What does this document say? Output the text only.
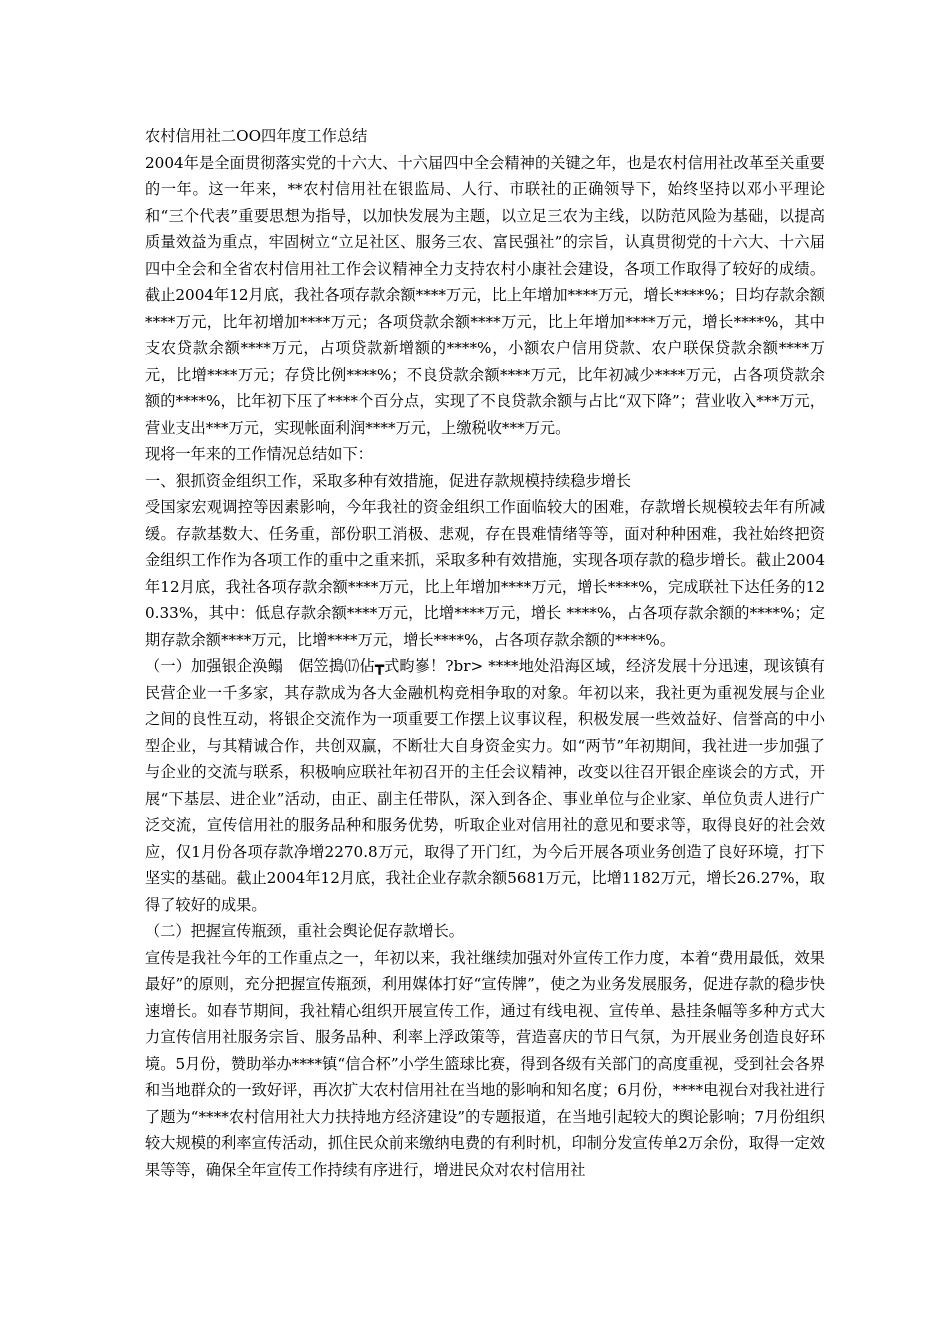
农村信用社二OO四年度工作总结

2004年是全面贯彻落实党的十六大、十六届四中全会精神的关键之年，也是农村信用社改革至关重要的一年。这一年来，**农村信用社在银监局、人行、市联社的正确领导下，始终坚持以邓小平理论和“三个代表”重要思想为指导，以加快发展为主题，以立足三农为主线，以防范风险为基础，以提高质量效益为重点，牢固树立“立足社区、服务三农、富民强社”的宗旨，认真贯彻党的十六大、十六届四中全会和全省农村信用社工作会议精神全力支持农村小康社会建设，各项工作取得了较好的成绩。截止2004年12月底，我社各项存款余额****万元，比上年增加****万元，增长****%；日均存款余额****万元，比年初增加****万元；各项贷款余额****万元，比上年增加****万元，增长****%，其中支农贷款余额****万元，占项贷款新增额的****%，小额农户信用贷款、农户联保贷款余额****万元，比增****万元；存贷比例****%；不良贷款余额****万元，比年初减少****万元，占各项贷款余额的****%，比年初下压了****个百分点，实现了不良贷款余额与占比“双下降”；营业收入***万元，营业支出***万元，实现帐面利润****万元，上缴税收***万元。

现将一年来的工作情况总结如下：

一、狠抓资金组织工作，采取多种有效措施，促进存款规模持续稳步增长

受国家宏观调控等因素影响，今年我社的资金组织工作面临较大的困难，存款增长规模较去年有所减缓。存款基数大、任务重，部份职工消极、悲观，存在畏难情绪等等，面对种种困难，我社始终把资金组织工作作为各项工作的重中之重来抓，采取多种有效措施，实现各项存款的稳步增长。截止2004年12月底，我社各项存款余额****万元，比上年增加****万元，增长****%，完成联社下达任务的120.33%，其中：低息存款余额****万元，比增****万元，增长 ****%，占各项存款余额的****%；定期存款余额****万元，比增****万元，增长****%，占各项存款余额的****%。

（一）加强银企涣鳎　倨笠搗⒄佔┳式畇嵾！?br> ****地处沿海区域，经济发展十分迅速，现该镇有民营企业一千多家，其存款成为各大金融机构竞相争取的对象。年初以来，我社更为重视发展与企业之间的良性互动，将银企交流作为一项重要工作摆上议事议程，积极发展一些效益好、信誉高的中小型企业，与其精诚合作，共创双赢，不断壮大自身资金实力。如“两节”年初期间，我社进一步加强了与企业的交流与联系，积极响应联社年初召开的主任会议精神，改变以往召开银企座谈会的方式，开展“下基层、进企业”活动，由正、副主任带队，深入到各企、事业单位与企业家、单位负责人进行广泛交流，宣传信用社的服务品种和服务优势，听取企业对信用社的意见和要求等，取得良好的社会效应，仅1月份各项存款净增2270.8万元，取得了开门红，为今后开展各项业务创造了良好环境，打下坚实的基础。截止2004年12月底，我社企业存款余额5681万元，比增1182万元，增长26.27%，取得了较好的成果。

（二）把握宣传瓶颈，重社会舆论促存款增长。

宣传是我社今年的工作重点之一，年初以来，我社继续加强对外宣传工作力度，本着“费用最低，效果最好”的原则，充分把握宣传瓶颈，利用媒体打好“宣传牌”，使之为业务发展服务，促进存款的稳步快速增长。如春节期间，我社精心组织开展宣传工作，通过有线电视、宣传单、悬挂条幅等多种方式大力宣传信用社服务宗旨、服务品种、利率上浮政策等，营造喜庆的节日气氛，为开展业务创造良好环境。5月份，赞助举办****镇“信合杯”小学生篮球比赛，得到各级有关部门的高度重视，受到社会各界和当地群众的一致好评，再次扩大农村信用社在当地的影响和知名度；6月份，****电视台对我社进行了题为“****农村信用社大力扶持地方经济建设”的专题报道，在当地引起较大的舆论影响；7月份组织较大规模的利率宣传活动，抓住民众前来缴纳电费的有利时机，印制分发宣传单2万余份，取得一定效果等等，确保全年宣传工作持续有序进行，增进民众对农村信用社
